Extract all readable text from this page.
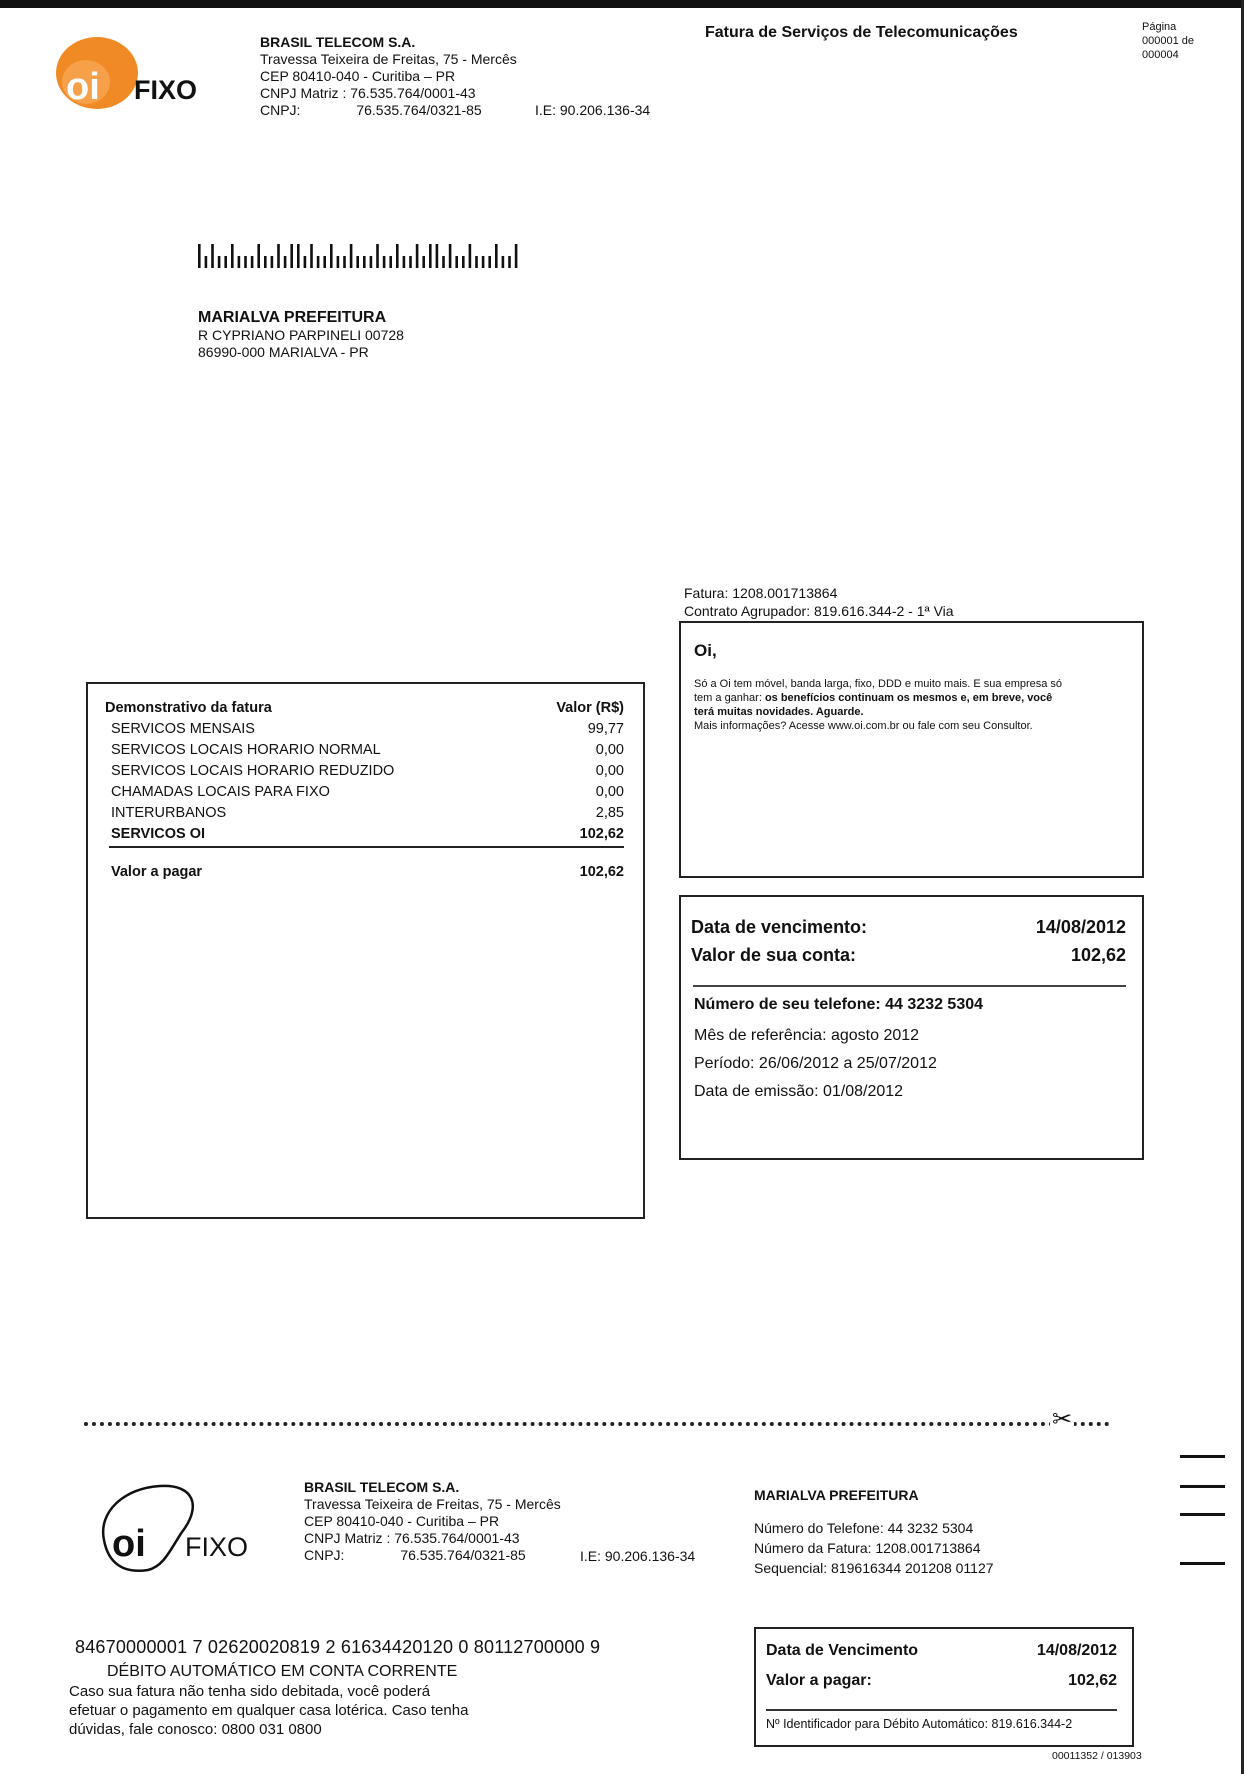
oi FIXO
BRASIL TELECOM S.A.
Travessa Teixeira de Freitas, 75 - Mercês
CEP 80410-040 - Curitiba – PR
CNPJ Matriz : 76.535.764/0001-43
CNPJ:	76.535.764/0321-85	I.E: 90.206.136-34
Fatura de Serviços de Telecomunicações	Página
000001 de
000004
MARIALVA PREFEITURA
R CYPRIANO PARPINELI 00728
86990-000 MARIALVA - PR
Fatura: 1208.001713864
Contrato Agrupador: 819.616.344-2 - 1ª Via
Oi,
Só a Oi tem móvel, banda larga, fixo, DDD e muito mais. E sua empresa só
tem a ganhar: os benefícios continuam os mesmos e, em breve, você
terá muitas novidades. Aguarde.
Mais informações? Acesse www.oi.com.br ou fale com seu Consultor.
Demonstrativo da fatura	Valor (R$)
SERVICOS MENSAIS	99,77
SERVICOS LOCAIS HORARIO NORMAL	0,00
SERVICOS LOCAIS HORARIO REDUZIDO	0,00
CHAMADAS LOCAIS PARA FIXO	0,00
INTERURBANOS	2,85
SERVICOS OI	102,62
Valor a pagar	102,62
Data de vencimento:	14/08/2012
Valor de sua conta:	102,62
Número de seu telefone: 44 3232 5304
Mês de referência: agosto 2012
Período: 26/06/2012 a 25/07/2012
Data de emissão: 01/08/2012
✂
oi FIXO
BRASIL TELECOM S.A.
Travessa Teixeira de Freitas, 75 - Mercês
CEP 80410-040 - Curitiba – PR
CNPJ Matriz : 76.535.764/0001-43
CNPJ:	76.535.764/0321-85	I.E: 90.206.136-34
MARIALVA PREFEITURA
Número do Telefone: 44 3232 5304
Número da Fatura: 1208.001713864
Sequencial: 819616344 201208 01127
84670000001 7 02620020819 2 61634420120 0 80112700000 9
DÉBITO AUTOMÁTICO EM CONTA CORRENTE
Caso sua fatura não tenha sido debitada, você poderá
efetuar o pagamento em qualquer casa lotérica. Caso tenha
dúvidas, fale conosco: 0800 031 0800
Data de Vencimento	14/08/2012
Valor a pagar:	102,62
Nº Identificador para Débito Automático: 819.616.344-2
00011352 / 013903
